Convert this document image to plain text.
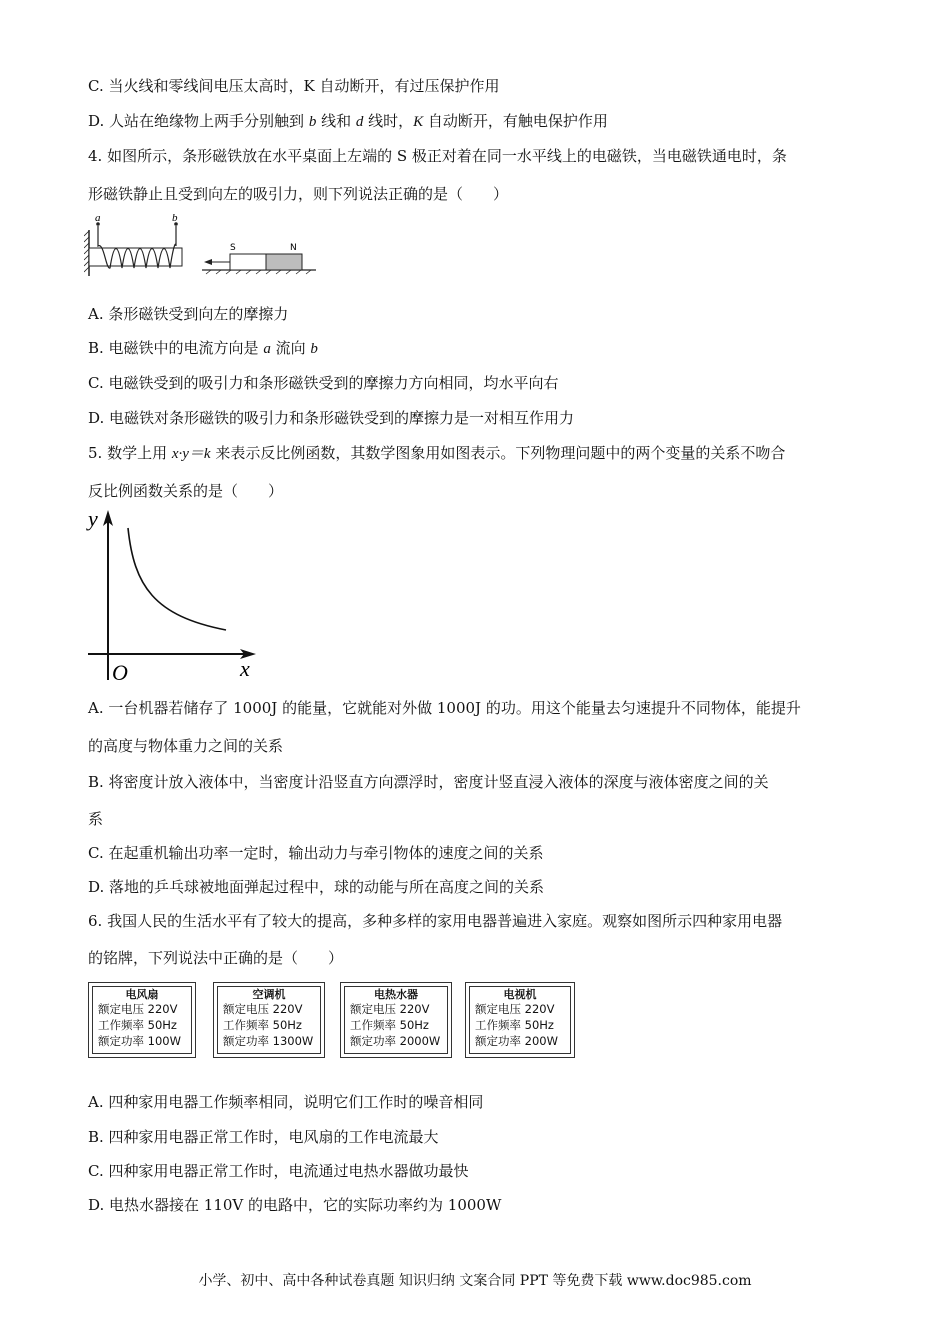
C. 当火线和零线间电压太高时，K 自动断开，有过压保护作用
D. 人站在绝缘物上两手分别触到 b 线和 d 线时，K 自动断开，有触电保护作用
4. 如图所示，条形磁铁放在水平桌面上左端的 S 极正对着在同一水平线上的电磁铁，当电磁铁通电时，条
形磁铁静止且受到向左的吸引力，则下列说法正确的是（　　）
a	b
S	N
A. 条形磁铁受到向左的摩擦力
B. 电磁铁中的电流方向是 a 流向 b
C. 电磁铁受到的吸引力和条形磁铁受到的摩擦力方向相同，均水平向右
D. 电磁铁对条形磁铁的吸引力和条形磁铁受到的摩擦力是一对相互作用力
5. 数学上用 x·y＝k 来表示反比例函数，其数学图象用如图表示。下列物理问题中的两个变量的关系不吻合
反比例函数关系的是（　　）
y
x
O
A. 一台机器若储存了 1000J 的能量，它就能对外做 1000J 的功。用这个能量去匀速提升不同物体，能提升
的高度与物体重力之间的关系
B. 将密度计放入液体中，当密度计沿竖直方向漂浮时，密度计竖直浸入液体的深度与液体密度之间的关
系
C. 在起重机输出功率一定时，输出动力与牵引物体的速度之间的关系
D. 落地的乒乓球被地面弹起过程中，球的动能与所在高度之间的关系
6. 我国人民的生活水平有了较大的提高，多种多样的家用电器普遍进入家庭。观察如图所示四种家用电器
的铭牌，下列说法中正确的是（　　）
电风扇
额定电压 220V
工作频率 50Hz
额定功率 100W
空调机
额定电压 220V
工作频率 50Hz
额定功率 1300W
电热水器
额定电压 220V
工作频率 50Hz
额定功率 2000W
电视机
额定电压 220V
工作频率 50Hz
额定功率 200W
A. 四种家用电器工作频率相同，说明它们工作时的噪音相同
B. 四种家用电器正常工作时，电风扇的工作电流最大
C. 四种家用电器正常工作时，电流通过电热水器做功最快
D. 电热水器接在 110V 的电路中，它的实际功率约为 1000W
小学、初中、高中各种试卷真题 知识归纳 文案合同 PPT 等免费下载 www.doc985.com
